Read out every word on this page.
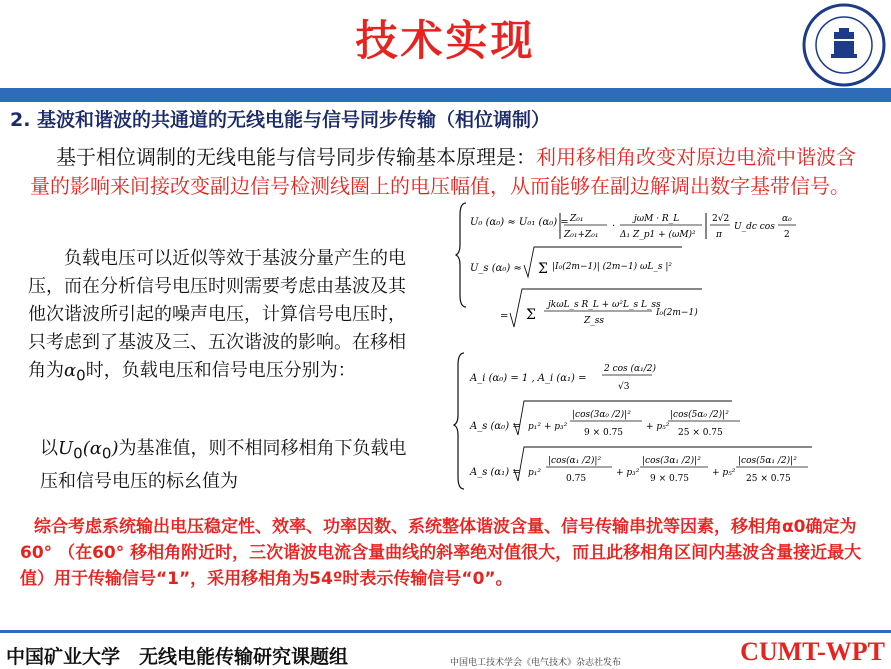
技术实现
2. 基波和谐波的共通道的无线电能与信号同步传输（相位调制）
基于相位调制的无线电能与信号同步传输基本原理是：利用移相角改变对原边电流中谐波含量的影响来间接改变副边信号检测线圈上的电压幅值，从而能够在副边解调出数字基带信号。
负载电压可以近似等效于基波分量产生的电压，而在分析信号电压时则需要考虑由基波及其他次谐波所引起的噪声电压，计算信号电压时，只考虑到了基波及三、五次谐波的影响。在移相角为$\alpha_0$时，负载电压和信号电压分别为：
以$U_0(\alpha_0)$为基准值，则不相同移相角下负载电压和信号电压的标幺值为
U₀ (α₀) ≈ U₀₁ (α₀) = Z₀₁
Z₀₁+Z₀₁
·
jωM · R_L
Δ₁ Z_p1 + (ωM)²
2√2
π
U_dc cos
α₀
2
U_s (α₀) ≈ Σ |I₀(2m−1)| (2m−1) ωL_s |²
= Σ
jkωL_s R_L + ω²L_s L_ss
Z_ss
I₀(2m−1)
A_i (α₀) = 1 , A_i (α₁) =
2 cos (α₁/2)
√3
A_s (α₀) = p₁² + p₃²
|cos(3α₀ /2)|²
9 × 0.75
+ p₅²
|cos(5α₀ /2)|²
25 × 0.75
A_s (α₁) = p₁²
|cos(α₁ /2)|²
0.75
+ p₃²
|cos(3α₁ /2)|²
9 × 0.75
+ p₅²
|cos(5α₁ /2)|²
25 × 0.75
综合考虑系统输出电压稳定性、效率、功率因数、系统整体谐波含量、信号传输串扰等因素，移相角α0确定为60° （在60° 移相角附近时，三次谐波电流含量曲线的斜率绝对值很大，而且此移相角区间内基波含量接近最大值）用于传输信号“1”，采用移相角为54º时表示传输信号“0”。
中国矿业大学　无线电能传输研究课题组	中国电工技术学会《电气技术》杂志社发布	CUMT-WPT
